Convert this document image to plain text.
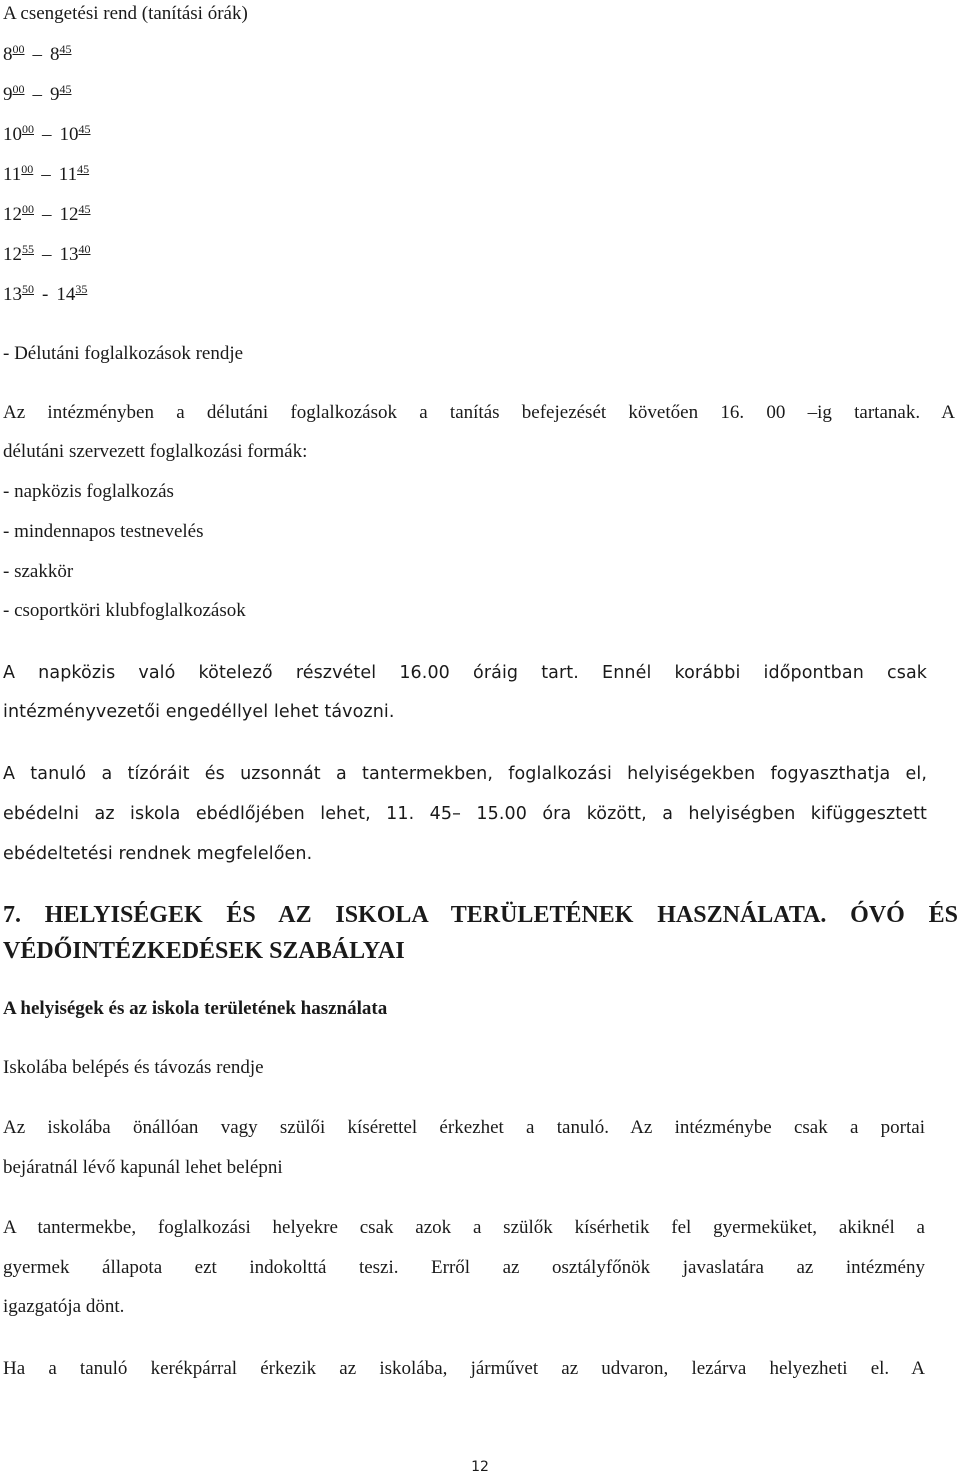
A csengetési rend (tanítási órák)
$8^{00} - 8^{45}$
$9^{00} - 9^{45}$
$10^{00} - 10^{45}$
$11^{00} - 11^{45}$
$12^{00} - 12^{45}$
$12^{55} - 13^{40}$
$13^{50} - 14^{35}$
- Délutáni foglalkozások rendje
Az intézményben a délutáni foglalkozások a tanítás befejezését követően 16. 00 –ig tartanak. A
délutáni szervezett foglalkozási formák:
- napközis foglalkozás
- mindennapos testnevelés
- szakkör
- csoportköri klubfoglalkozások
A napközis való kötelező részvétel 16.00 óráig tart. Ennél korábbi időpontban csak
intézményvezetői engedéllyel lehet távozni.
A tanuló a tízóráit és uzsonnát a tantermekben, foglalkozási helyiségekben fogyaszthatja el,
ebédelni az iskola ebédlőjében lehet, 11. 45– 15.00 óra között, a helyiségben kifüggesztett
ebédeltetési rendnek megfelelően.
7. HELYISÉGEK ÉS AZ ISKOLA TERÜLETÉNEK HASZNÁLATA. ÓVÓ ÉS VÉDŐINTÉZKEDÉSEK SZABÁLYAI
A helyiségek és az iskola területének használata
Iskolába belépés és távozás rendje
Az iskolába önállóan vagy szülői kísérettel érkezhet a tanuló. Az intézménybe csak a portai
bejáratnál lévő kapunál lehet belépni
A tantermekbe, foglalkozási helyekre csak azok a szülők kísérhetik fel gyermeküket, akiknél a
gyermek állapota ezt indokolttá teszi. Erről az osztályfőnök javaslatára az intézmény
igazgatója dönt.
Ha a tanuló kerékpárral érkezik az iskolába, járművet az udvaron, lezárva helyezheti el. A
12
